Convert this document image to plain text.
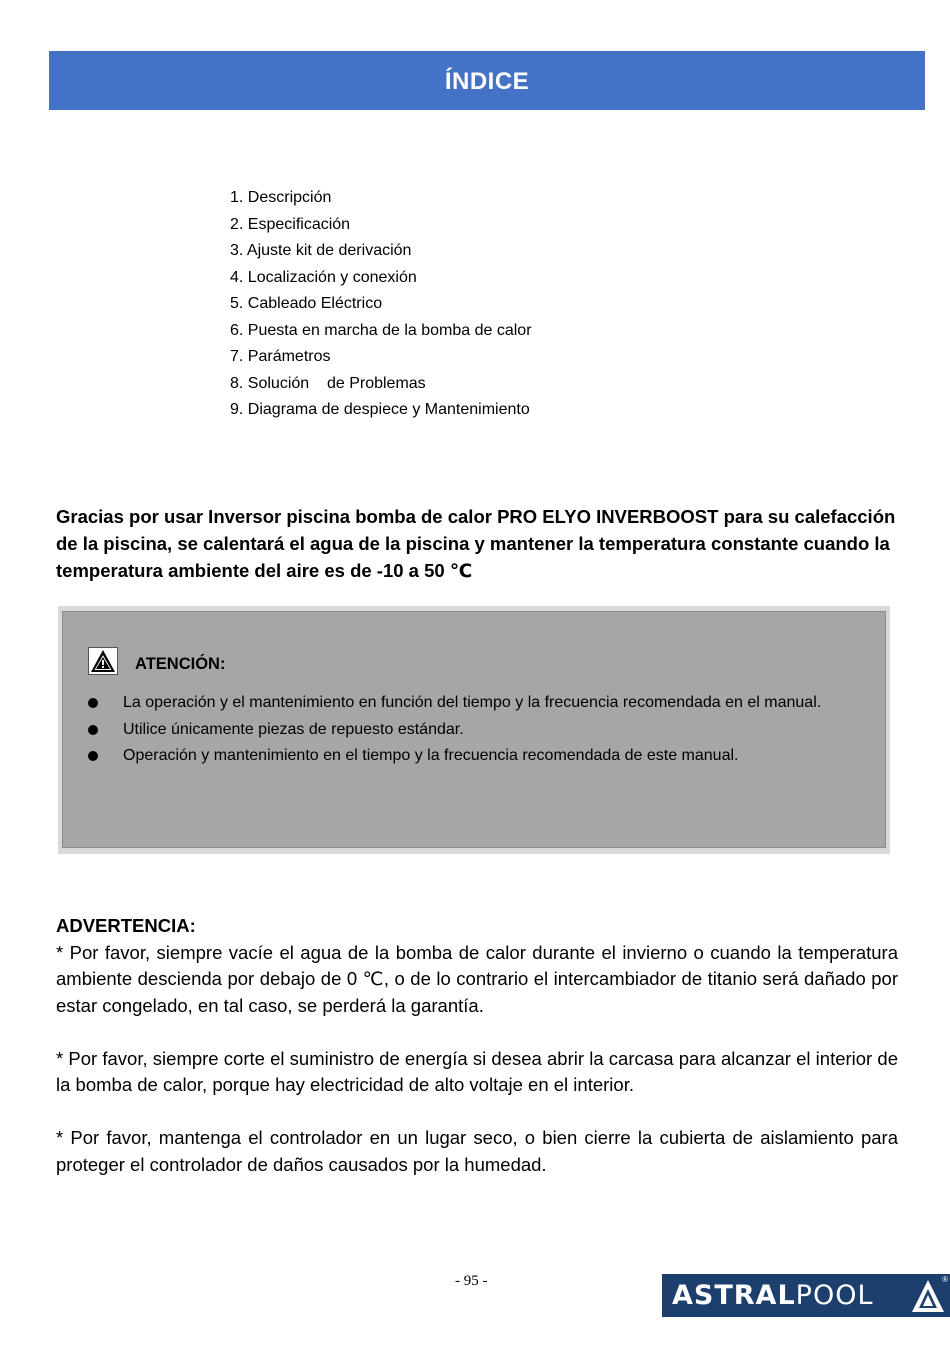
ÍNDICE
1. Descripción
2. Especificación
3. Ajuste kit de derivación
4. Localización y conexión
5. Cableado Eléctrico
6. Puesta en marcha de la bomba de calor
7. Parámetros
8. Solución    de Problemas
9. Diagrama de despiece y Mantenimiento
Gracias por usar Inversor piscina bomba de calor PRO ELYO INVERBOOST para su calefacción de la piscina, se calentará el agua de la piscina y mantener la temperatura constante cuando la temperatura ambiente del aire es de -10 a 50 ℃
ATENCIÓN:
La operación y el mantenimiento en función del tiempo y la frecuencia recomendada en el manual.
Utilice únicamente piezas de repuesto estándar.
Operación y mantenimiento en el tiempo y la frecuencia recomendada de este manual.
ADVERTENCIA:

* Por favor, siempre vacíe el agua de la bomba de calor durante el invierno o cuando la temperatura ambiente descienda por debajo de 0 ℃, o de lo contrario el intercambiador de titanio será dañado por estar congelado, en tal caso, se perderá la garantía.

* Por favor, siempre corte el suministro de energía si desea abrir la carcasa para alcanzar el interior de la bomba de calor, porque hay electricidad de alto voltaje en el interior.

* Por favor, mantenga el controlador en un lugar seco, o bien cierre la cubierta de aislamiento para proteger el controlador de daños causados por la humedad.

- 95 -	ASTRALPOOL
®
